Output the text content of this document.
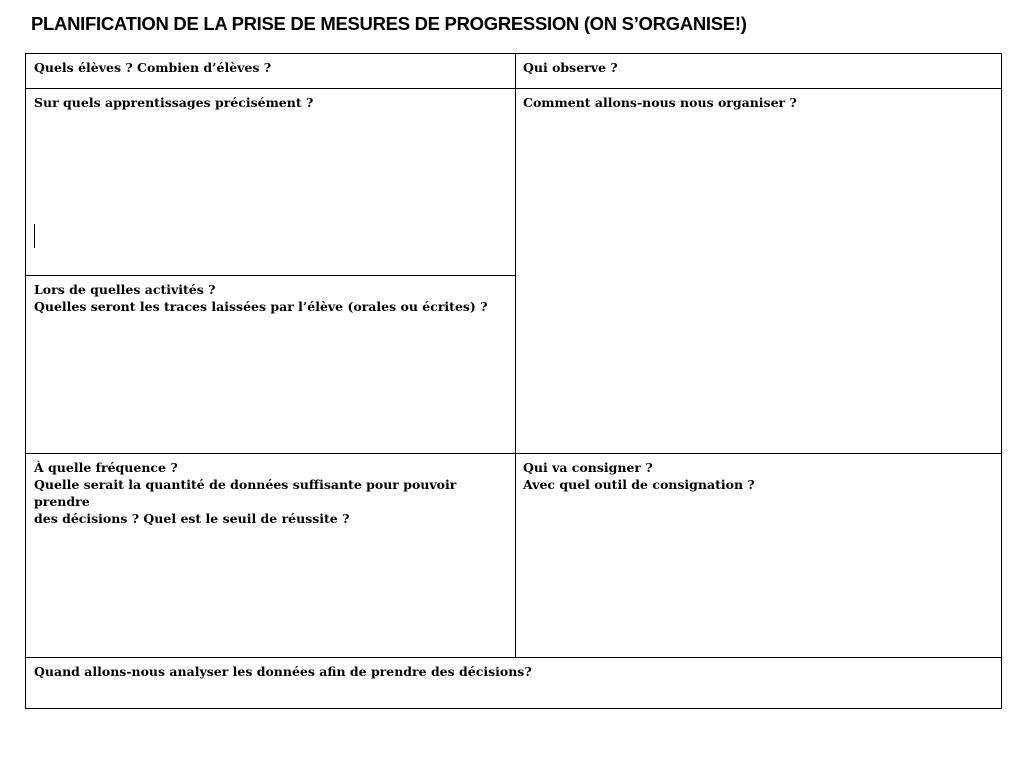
PLANIFICATION DE LA PRISE DE MESURES DE PROGRESSION (ON S’ORGANISE!)
Quels élèves ? Combien d’élèves ?	Qui observe ?
Sur quels apprentissages précisément ?	Comment allons-nous nous organiser ?
Lors de quelles activités ?
Quelles seront les traces laissées par l’élève (orales ou écrites) ?
À quelle fréquence ?
Quelle serait la quantité de données suffisante pour pouvoir prendre
des décisions ? Quel est le seuil de réussite ?
Qui va consigner ?
Avec quel outil de consignation ?
Quand allons-nous analyser les données afin de prendre des décisions?
